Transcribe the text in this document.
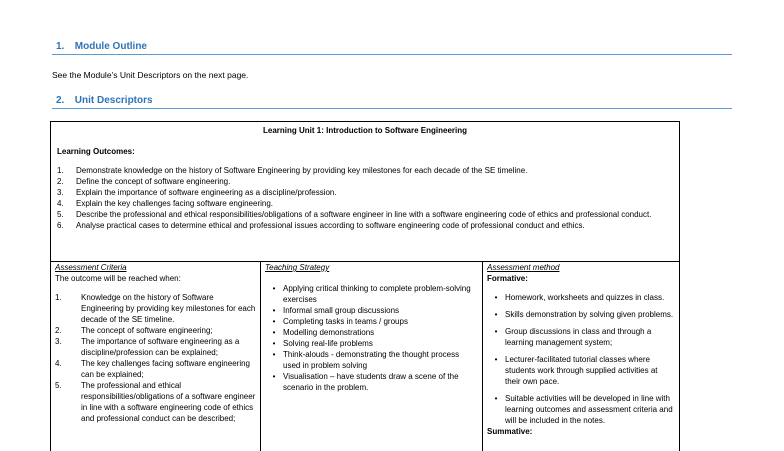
1. Module Outline
See the Module’s Unit Descriptors on the next page.
2. Unit Descriptors
Learning Unit 1: Introduction to Software Engineering
Learning Outcomes:
1.	Demonstrate knowledge on the history of Software Engineering by providing key milestones for each decade of the SE timeline.
2.	Define the concept of software engineering.
3.	Explain the importance of software engineering as a discipline/profession.
4.	Explain the key challenges facing software engineering.
5.	Describe the professional and ethical responsibilities/obligations of a software engineer in line with a software engineering code of ethics and professional conduct.
6.	Analyse practical cases to determine ethical and professional issues according to software engineering code of professional conduct and ethics.
Assessment Criteria
The outcome will be reached when:
1.	Knowledge on the history of Software Engineering by providing key milestones for each decade of the SE timeline.
2.	The concept of software engineering;
3.	The importance of software engineering as a discipline/profession can be explained;
4.	The key challenges facing software engineering can be explained;
5.	The professional and ethical responsibilities/obligations of a software engineer in line with a software engineering code of ethics and professional conduct can be described;
Teaching Strategy
• Applying critical thinking to complete problem-solving exercises
• Informal small group discussions
• Completing tasks in teams / groups
• Modelling demonstrations
• Solving real-life problems
• Think-alouds - demonstrating the thought process used in problem solving
• Visualisation – have students draw a scene of the scenario in the problem.
Assessment method
Formative:
• Homework, worksheets and quizzes in class.
• Skills demonstration by solving given problems.
• Group discussions in class and through a learning management system;
• Lecturer-facilitated tutorial classes where students work through supplied activities at their own pace.
• Suitable activities will be developed in line with learning outcomes and assessment criteria and will be included in the notes.
Summative:
